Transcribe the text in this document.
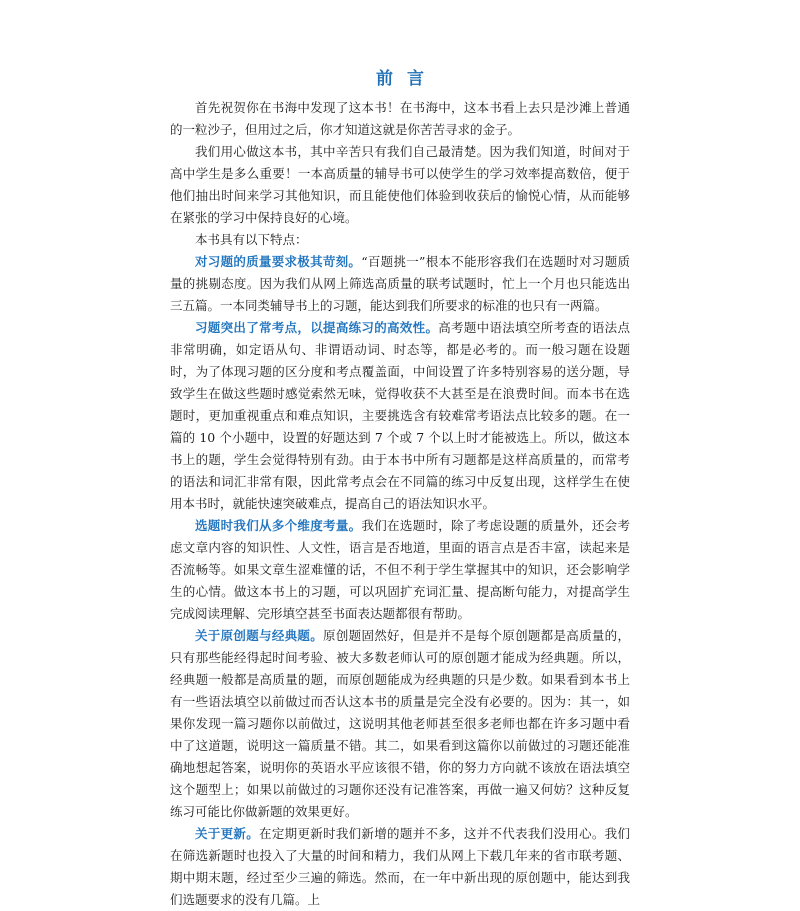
前 言

首先祝贺你在书海中发现了这本书！在书海中，这本书看上去只是沙滩上普通的一粒沙子，但用过之后，你才知道这就是你苦苦寻求的金子。

我们用心做这本书，其中辛苦只有我们自己最清楚。因为我们知道，时间对于高中学生是多么重要！一本高质量的辅导书可以使学生的学习效率提高数倍，便于他们抽出时间来学习其他知识，而且能使他们体验到收获后的愉悦心情，从而能够在紧张的学习中保持良好的心境。

本书具有以下特点：

对习题的质量要求极其苛刻。“百题挑一”根本不能形容我们在选题时对习题质量的挑剔态度。因为我们从网上筛选高质量的联考试题时，忙上一个月也只能选出三五篇。一本同类辅导书上的习题，能达到我们所要求的标准的也只有一两篇。

习题突出了常考点，以提高练习的高效性。高考题中语法填空所考查的语法点非常明确，如定语从句、非谓语动词、时态等，都是必考的。而一般习题在设题时，为了体现习题的区分度和考点覆盖面，中间设置了许多特别容易的送分题，导致学生在做这些题时感觉索然无味，觉得收获不大甚至是在浪费时间。而本书在选题时，更加重视重点和难点知识，主要挑选含有较难常考语法点比较多的题。在一篇的 10 个小题中，设置的好题达到 7 个或 7 个以上时才能被选上。所以，做这本书上的题，学生会觉得特别有劲。由于本书中所有习题都是这样高质量的，而常考的语法和词汇非常有限，因此常考点会在不同篇的练习中反复出现，这样学生在使用本书时，就能快速突破难点，提高自己的语法知识水平。

选题时我们从多个维度考量。我们在选题时，除了考虑设题的质量外，还会考虑文章内容的知识性、人文性，语言是否地道，里面的语言点是否丰富，读起来是否流畅等。如果文章生涩难懂的话，不但不利于学生掌握其中的知识，还会影响学生的心情。做这本书上的习题，可以巩固扩充词汇量、提高断句能力，对提高学生完成阅读理解、完形填空甚至书面表达题都很有帮助。

关于原创题与经典题。原创题固然好，但是并不是每个原创题都是高质量的，只有那些能经得起时间考验、被大多数老师认可的原创题才能成为经典题。所以，经典题一般都是高质量的题，而原创题能成为经典题的只是少数。如果看到本书上有一些语法填空以前做过而否认这本书的质量是完全没有必要的。因为：其一，如果你发现一篇习题你以前做过，这说明其他老师甚至很多老师也都在许多习题中看中了这道题，说明这一篇质量不错。其二，如果看到这篇你以前做过的习题还能准确地想起答案，说明你的英语水平应该很不错，你的努力方向就不该放在语法填空这个题型上；如果以前做过的习题你还没有记准答案，再做一遍又何妨？这种反复练习可能比你做新题的效果更好。

关于更新。在定期更新时我们新增的题并不多，这并不代表我们没用心。我们在筛选新题时也投入了大量的时间和精力，我们从网上下载几年来的省市联考题、期中期末题，经过至少三遍的筛选。然而，在一年中新出现的原创题中，能达到我们选题要求的没有几篇。上
